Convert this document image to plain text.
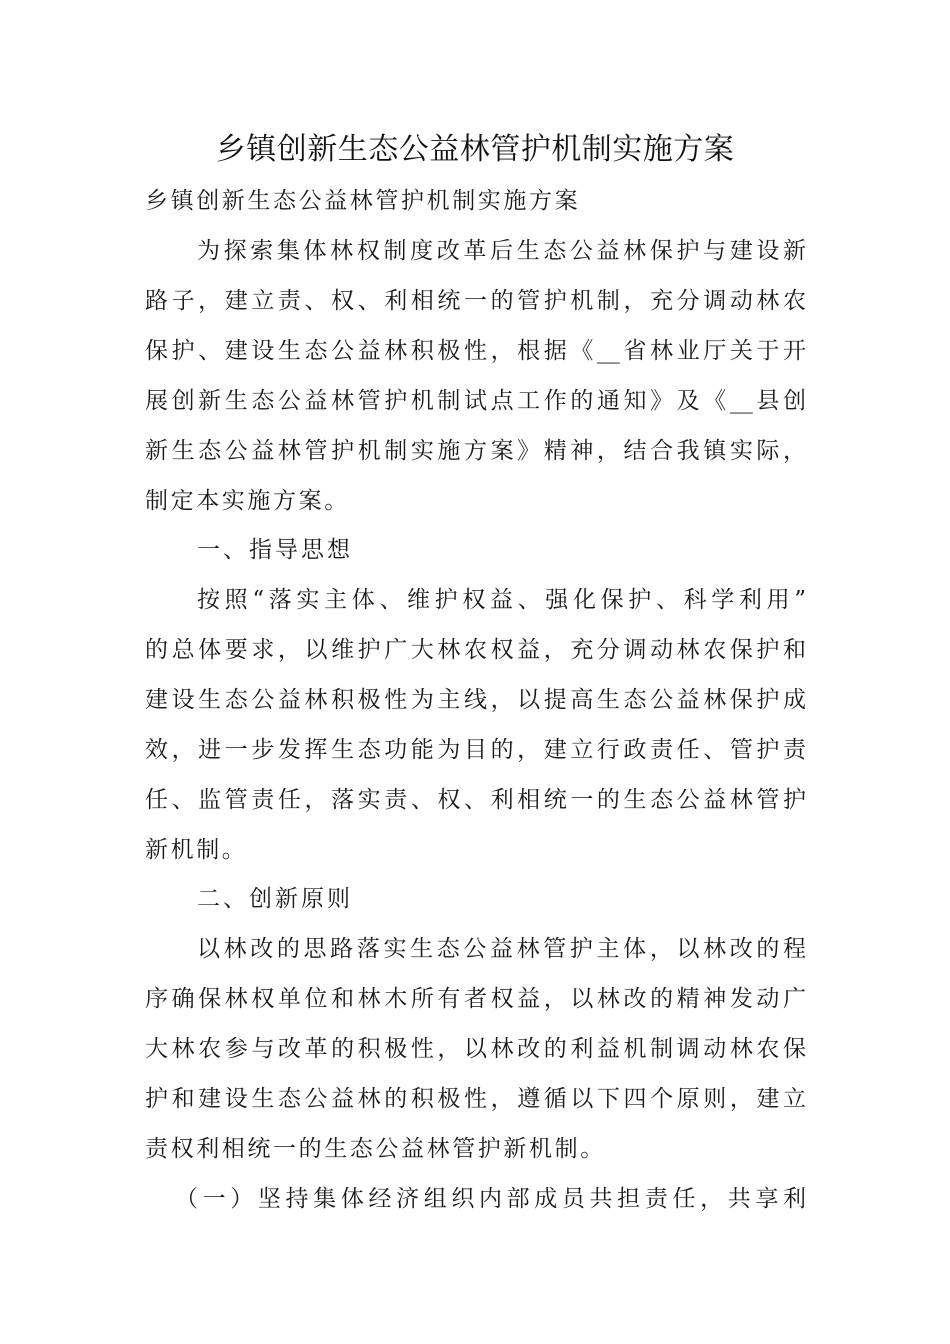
乡镇创新生态公益林管护机制实施方案
乡镇创新生态公益林管护机制实施方案
为探索集体林权制度改革后生态公益林保护与建设新
路子，建立责、权、利相统一的管护机制，充分调动林农
保护、建设生态公益林积极性，根据《__省林业厅关于开
展创新生态公益林管护机制试点工作的通知》及《__县创
新生态公益林管护机制实施方案》精神，结合我镇实际，
制定本实施方案。
一、指导思想
按照“落实主体、维护权益、强化保护、科学利用”
的总体要求，以维护广大林农权益，充分调动林农保护和
建设生态公益林积极性为主线，以提高生态公益林保护成
效，进一步发挥生态功能为目的，建立行政责任、管护责
任、监管责任，落实责、权、利相统一的生态公益林管护
新机制。
二、创新原则
以林改的思路落实生态公益林管护主体，以林改的程
序确保林权单位和林木所有者权益，以林改的精神发动广
大林农参与改革的积极性，以林改的利益机制调动林农保
护和建设生态公益林的积极性，遵循以下四个原则，建立
责权利相统一的生态公益林管护新机制。
（一）坚持集体经济组织内部成员共担责任，共享利
